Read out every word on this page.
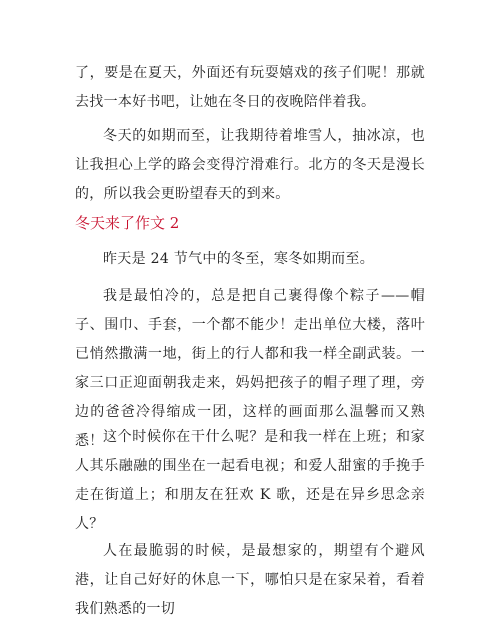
了，要是在夏天，外面还有玩耍嬉戏的孩子们呢！那就去找一本好书吧，让她在冬日的夜晚陪伴着我。

冬天的如期而至，让我期待着堆雪人，抽冰凉，也让我担心上学的路会变得泞滑难行。北方的冬天是漫长的，所以我会更盼望春天的到来。

冬天来了作文 2

昨天是 24 节气中的冬至，寒冬如期而至。

我是最怕冷的，总是把自己裹得像个粽子——帽子、围巾、手套，一个都不能少！走出单位大楼，落叶已悄然撒满一地，街上的行人都和我一样全副武装。一家三口正迎面朝我走来，妈妈把孩子的帽子理了理，旁边的爸爸冷得缩成一团，这样的画面那么温馨而又熟悉！ 这个时候你在干什么呢？是和我一样在上班；和家人其乐融融的围坐在一起看电视；和爱人甜蜜的手挽手走在街道上；和朋友在狂欢 K 歌，还是在异乡思念亲人？

人在最脆弱的时候，是最想家的，期望有个避风港，让自己好好的休息一下，哪怕只是在家呆着，看着我们熟悉的一切
